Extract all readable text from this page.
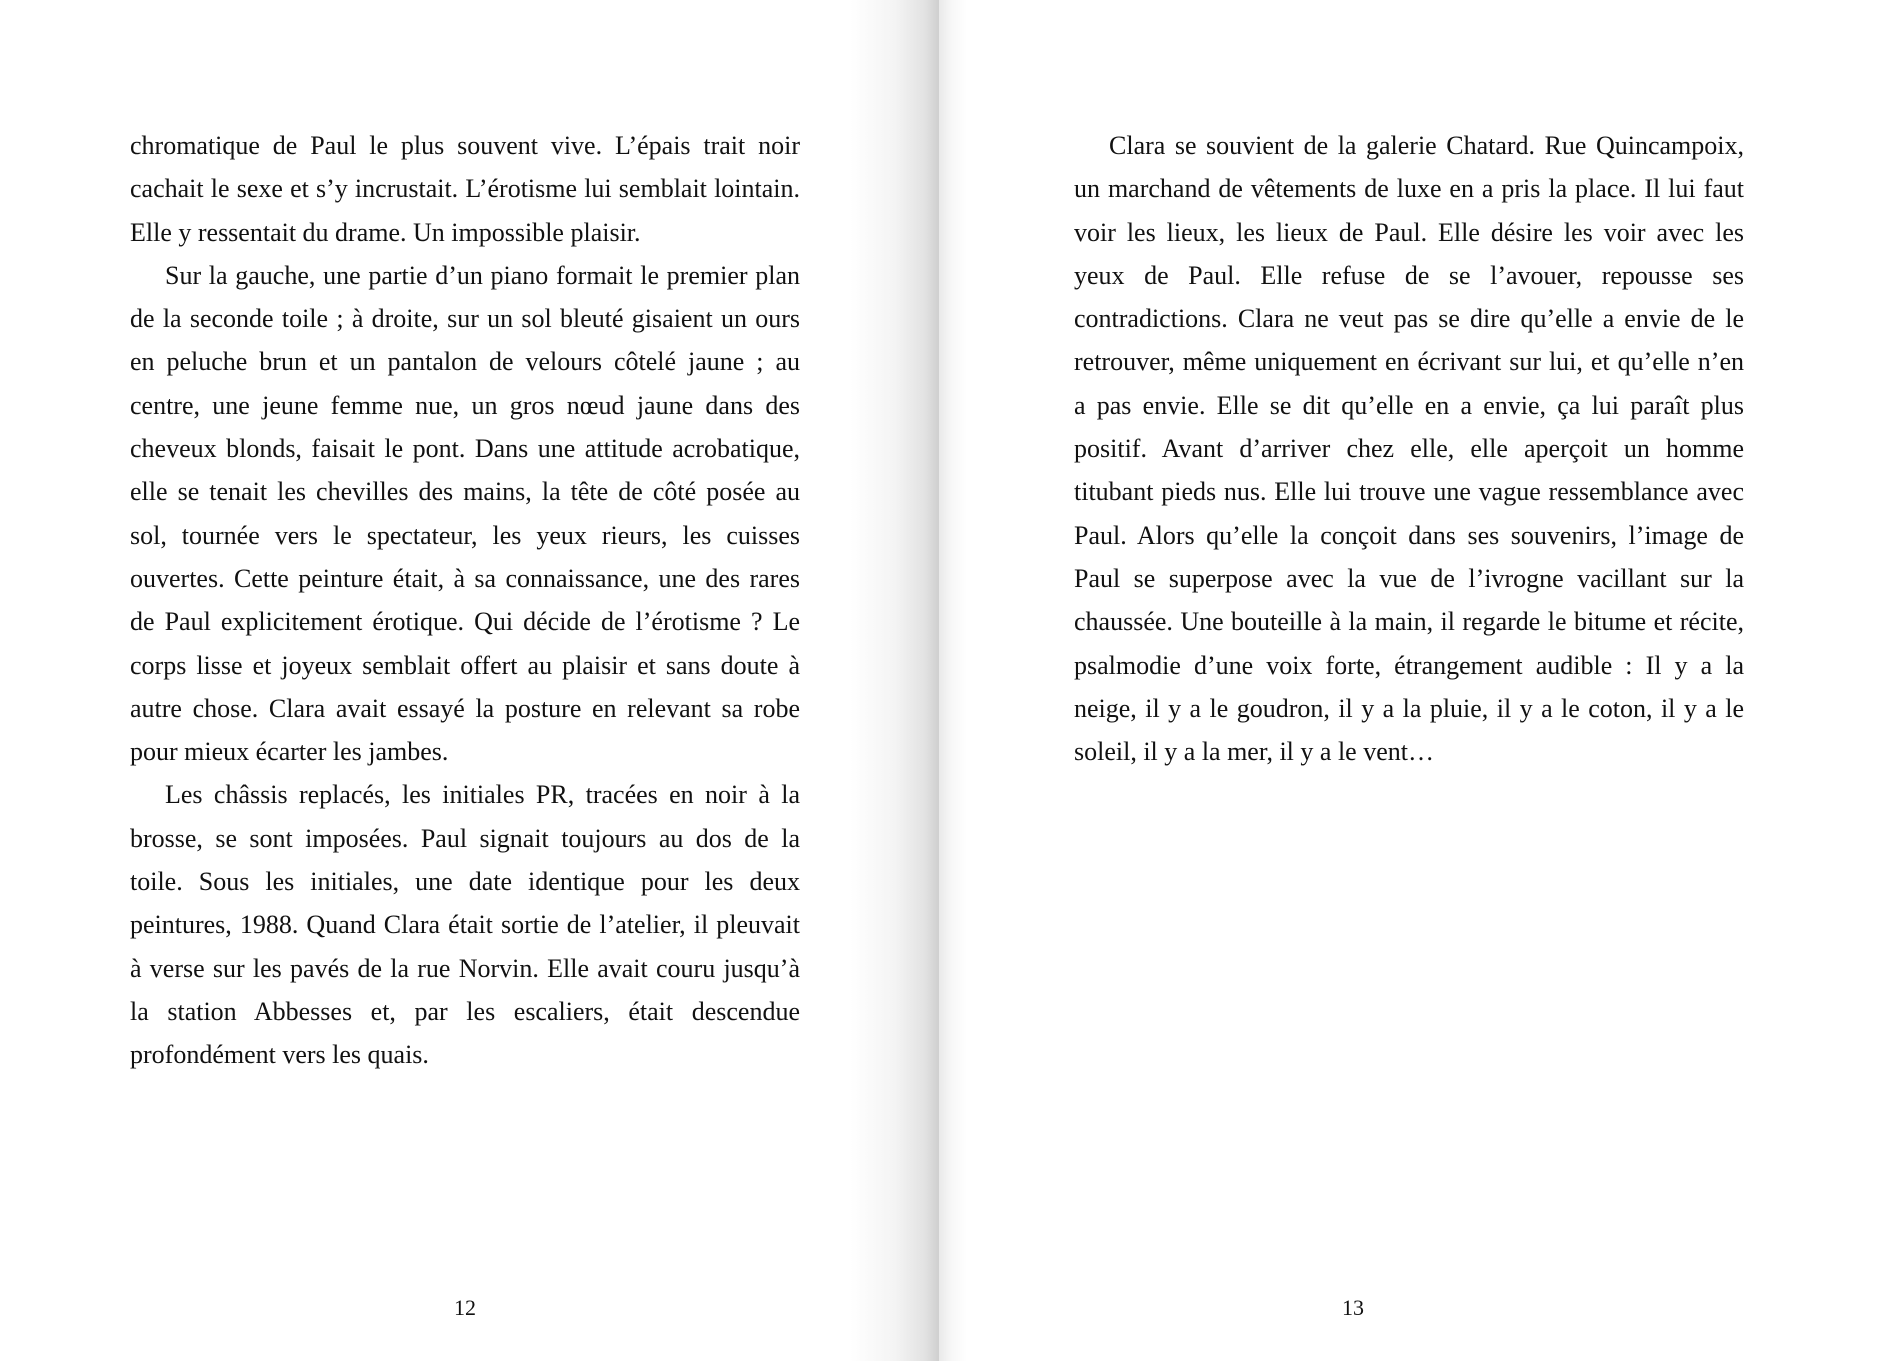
chromatique de Paul le plus souvent vive. L’épais trait noir cachait le sexe et s’y incrustait. L’érotisme lui semblait lointain. Elle y ressentait du drame. Un impossible plaisir.

Sur la gauche, une partie d’un piano formait le premier plan de la seconde toile ; à droite, sur un sol bleuté gisaient un ours en peluche brun et un pantalon de velours côtelé jaune ; au centre, une jeune femme nue, un gros nœud jaune dans des cheveux blonds, faisait le pont. Dans une attitude acrobatique, elle se tenait les chevilles des mains, la tête de côté posée au sol, tournée vers le spectateur, les yeux rieurs, les cuisses ouvertes. Cette peinture était, à sa connaissance, une des rares de Paul explicitement érotique. Qui décide de l’érotisme ? Le corps lisse et joyeux semblait offert au plaisir et sans doute à autre chose. Clara avait essayé la posture en relevant sa robe pour mieux écarter les jambes.

Les châssis replacés, les initiales PR, tracées en noir à la brosse, se sont imposées. Paul signait toujours au dos de la toile. Sous les initiales, une date identique pour les deux peintures, 1988. Quand Clara était sortie de l’atelier, il pleuvait à verse sur les pavés de la rue Norvin. Elle avait couru jusqu’à la station Abbesses et, par les escaliers, était descendue profondément vers les quais.

12

Clara se souvient de la galerie Chatard. Rue Quincampoix, un marchand de vêtements de luxe en a pris la place. Il lui faut voir les lieux, les lieux de Paul. Elle désire les voir avec les yeux de Paul. Elle refuse de se l’avouer, repousse ses contradictions. Clara ne veut pas se dire qu’elle a envie de le retrouver, même uniquement en écrivant sur lui, et qu’elle n’en a pas envie. Elle se dit qu’elle en a envie, ça lui paraît plus positif. Avant d’arriver chez elle, elle aperçoit un homme titubant pieds nus. Elle lui trouve une vague ressemblance avec Paul. Alors qu’elle la conçoit dans ses souvenirs, l’image de Paul se superpose avec la vue de l’ivrogne vacillant sur la chaussée. Une bouteille à la main, il regarde le bitume et récite, psalmodie d’une voix forte, étrangement audible : Il y a la neige, il y a le goudron, il y a la pluie, il y a le coton, il y a le soleil, il y a la mer, il y a le vent…

13
